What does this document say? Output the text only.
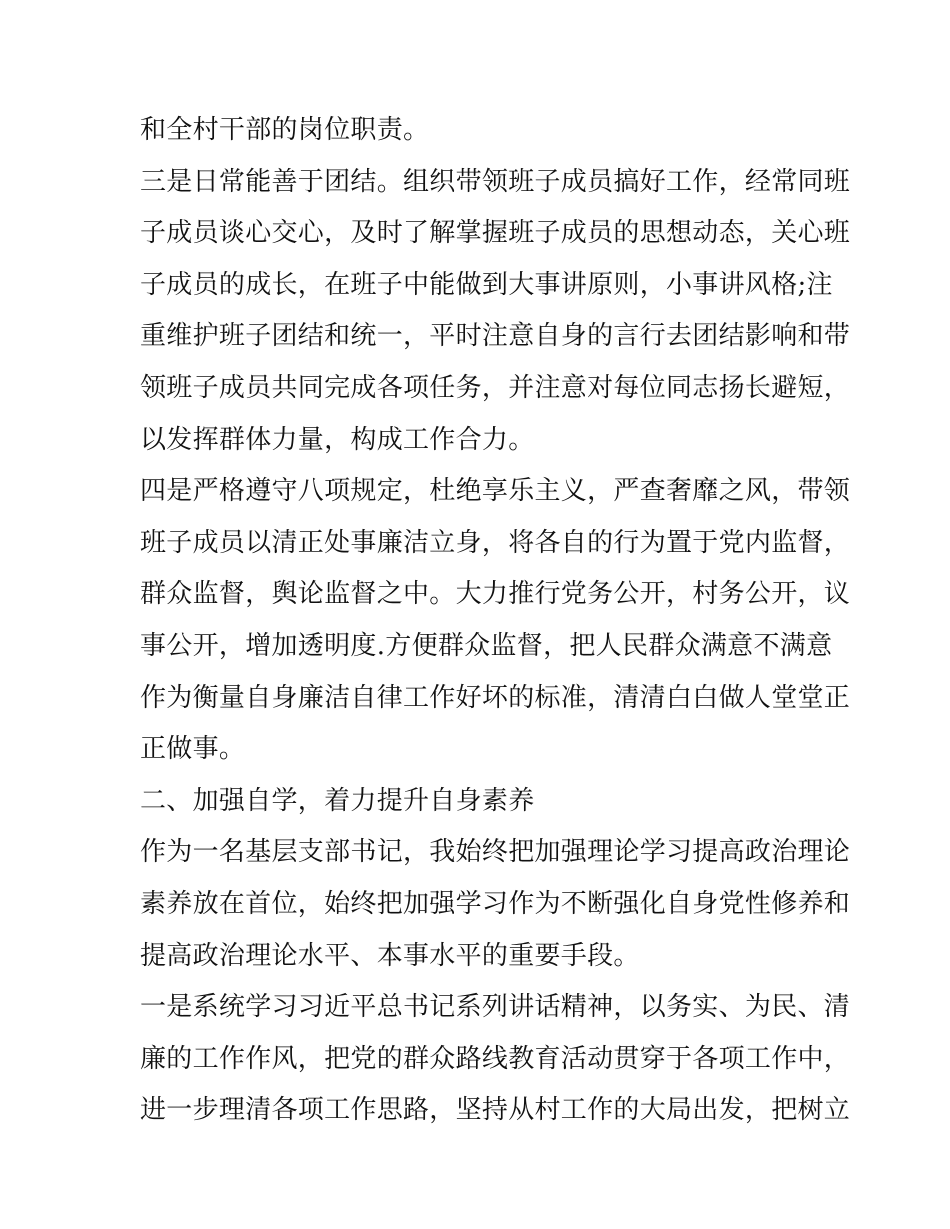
和全村干部的岗位职责。
三是日常能善于团结。组织带领班子成员搞好工作，经常同班
子成员谈心交心，及时了解掌握班子成员的思想动态，关心班
子成员的成长，在班子中能做到大事讲原则，小事讲风格;注
重维护班子团结和统一，平时注意自身的言行去团结影响和带
领班子成员共同完成各项任务，并注意对每位同志扬长避短，
以发挥群体力量，构成工作合力。
四是严格遵守八项规定，杜绝享乐主义，严查奢靡之风，带领
班子成员以清正处事廉洁立身，将各自的行为置于党内监督，
群众监督，舆论监督之中。大力推行党务公开，村务公开，议
事公开，增加透明度.方便群众监督，把人民群众满意不满意
作为衡量自身廉洁自律工作好坏的标准，清清白白做人堂堂正
正做事。
二、加强自学，着力提升自身素养
作为一名基层支部书记，我始终把加强理论学习提高政治理论
素养放在首位，始终把加强学习作为不断强化自身党性修养和
提高政治理论水平、本事水平的重要手段。
一是系统学习习近平总书记系列讲话精神，以务实、为民、清
廉的工作作风，把党的群众路线教育活动贯穿于各项工作中，
进一步理清各项工作思路，坚持从村工作的大局出发，把树立
